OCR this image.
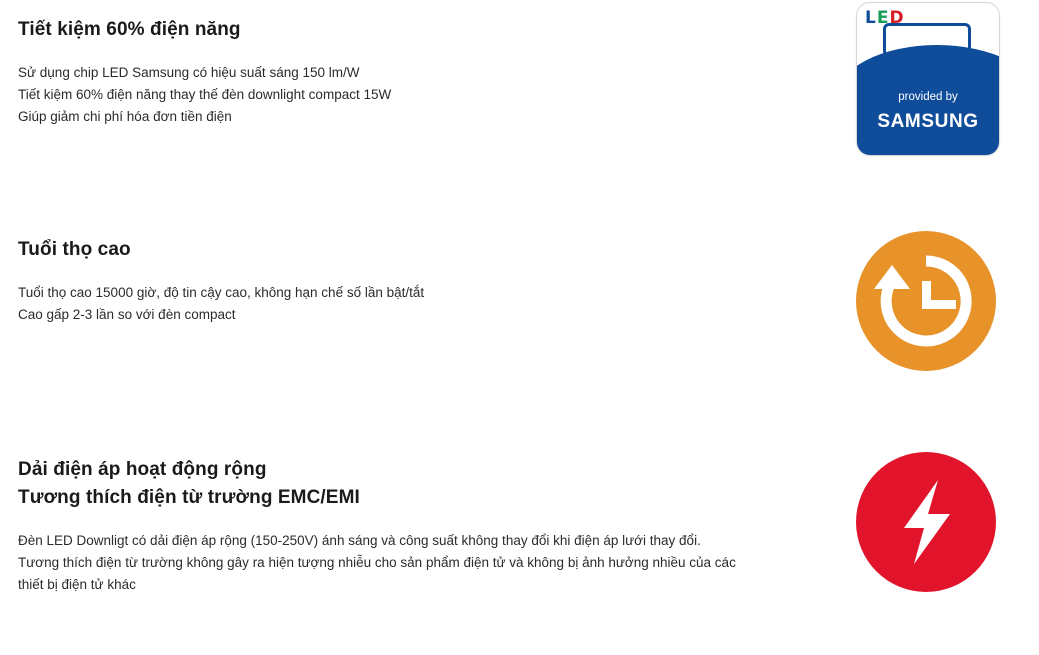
Tiết kiệm 60% điện năng
Sử dụng chip LED Samsung có hiệu suất sáng 150 lm/W
Tiết kiệm 60% điện năng thay thế đèn downlight compact 15W
Giúp giảm chi phí hóa đơn tiền điện
LED
provided by
SAMSUNG
Tuổi thọ cao
Tuổi thọ cao 15000 giờ, độ tin cậy cao, không hạn chế số lần bật/tắt
Cao gấp 2-3 lần so với đèn compact
Dải điện áp hoạt động rộng
Tương thích điện từ trường EMC/EMI
Đèn LED Downligt có dải điện áp rộng (150-250V) ánh sáng và công suất không thay đổi khi điện áp lưới thay đổi.
Tương thích điện từ trường không gây ra hiện tượng nhiễu cho sản phẩm điện tử và không bị ảnh hưởng nhiều của các thiết bị điện tử khác
